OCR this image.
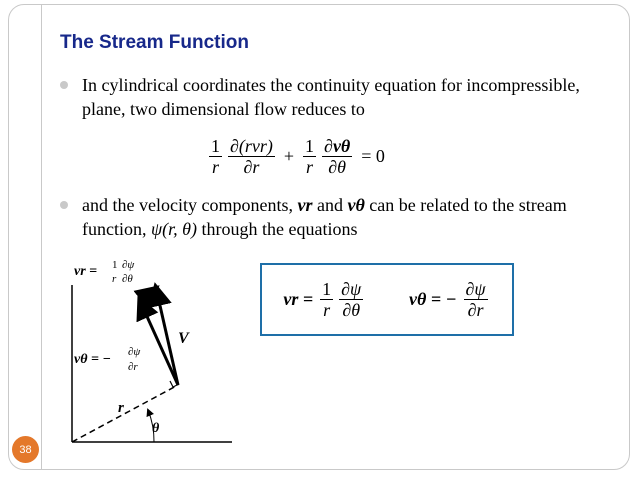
The Stream Function
In cylindrical coordinates the continuity equation for incompressible, plane, two dimensional flow reduces to
$\frac{1}{r} \frac{\text{∂(rvr)}}{\partial r} + \frac{1}{r} \frac{\partial v\theta}{\partial\theta} = 0$
and the velocity components, vr and vθ can be related to the stream function, ψ(r, θ) through the equations
vr = 1
r
∂ψ
∂θ
vθ = − ∂ψ
∂r
V
r
θ
vr = $\frac{1}{r} \frac{\partial\psi}{\partial\theta}$	vθ = − $\frac{\partial\psi}{\partial r}$
38
